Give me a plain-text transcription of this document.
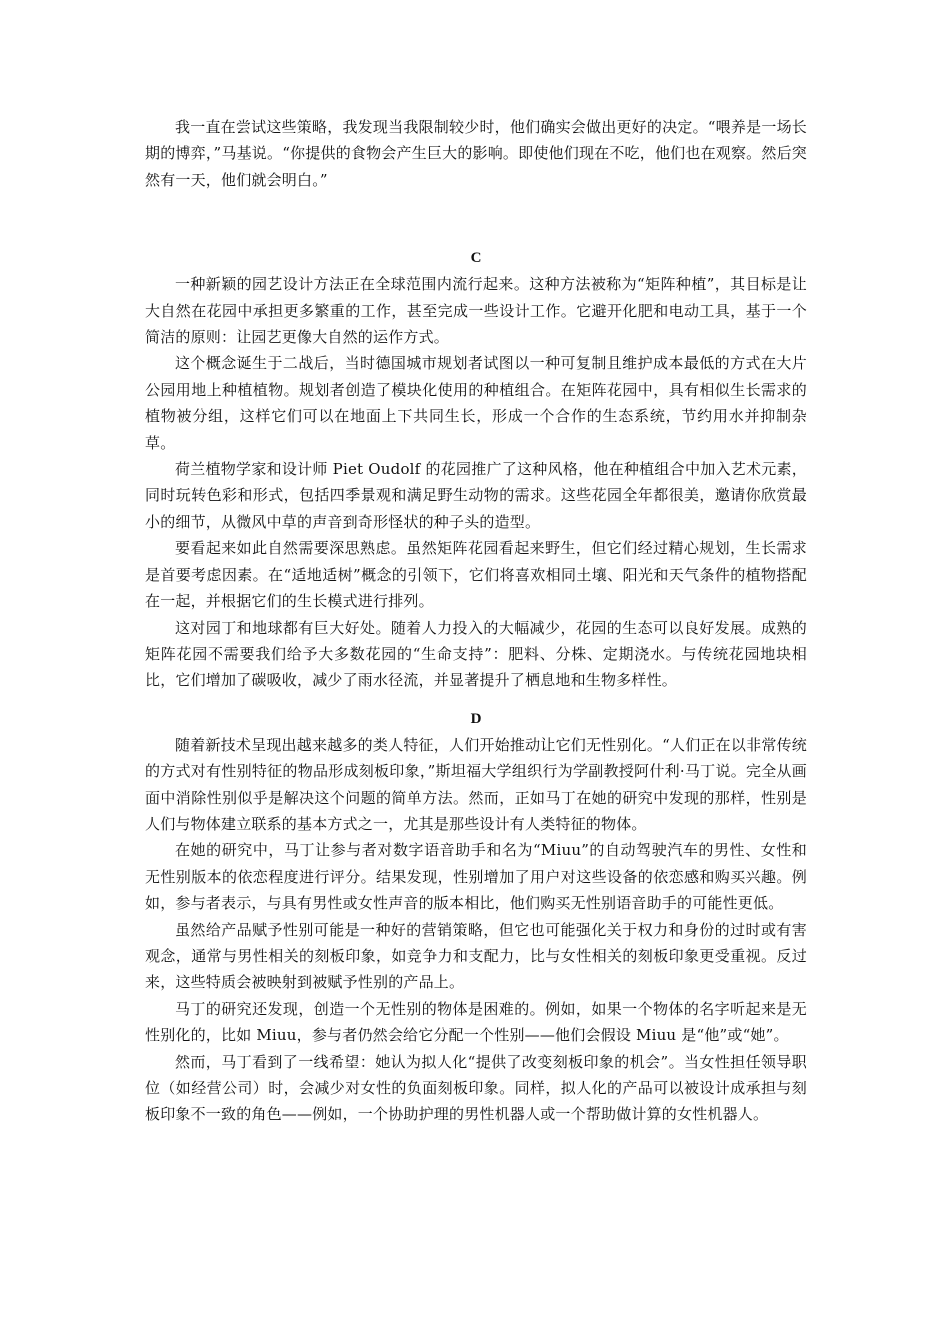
我一直在尝试这些策略，我发现当我限制较少时，他们确实会做出更好的决定。“喂养是一场长期的博弈，”马基说。“你提供的食物会产生巨大的影响。即使他们现在不吃，他们也在观察。然后突然有一天，他们就会明白。”

C

一种新颖的园艺设计方法正在全球范围内流行起来。这种方法被称为“矩阵种植”，其目标是让大自然在花园中承担更多繁重的工作，甚至完成一些设计工作。它避开化肥和电动工具，基于一个简洁的原则：让园艺更像大自然的运作方式。

这个概念诞生于二战后，当时德国城市规划者试图以一种可复制且维护成本最低的方式在大片公园用地上种植植物。规划者创造了模块化使用的种植组合。在矩阵花园中，具有相似生长需求的植物被分组，这样它们可以在地面上下共同生长，形成一个合作的生态系统，节约用水并抑制杂草。

荷兰植物学家和设计师 Piet Oudolf 的花园推广了这种风格，他在种植组合中加入艺术元素，同时玩转色彩和形式，包括四季景观和满足野生动物的需求。这些花园全年都很美，邀请你欣赏最小的细节，从微风中草的声音到奇形怪状的种子头的造型。

要看起来如此自然需要深思熟虑。虽然矩阵花园看起来野生，但它们经过精心规划，生长需求是首要考虑因素。在“适地适树”概念的引领下，它们将喜欢相同土壤、阳光和天气条件的植物搭配在一起，并根据它们的生长模式进行排列。

这对园丁和地球都有巨大好处。随着人力投入的大幅减少，花园的生态可以良好发展。成熟的矩阵花园不需要我们给予大多数花园的“生命支持”：肥料、分株、定期浇水。与传统花园地块相比，它们增加了碳吸收，减少了雨水径流，并显著提升了栖息地和生物多样性。

D

随着新技术呈现出越来越多的类人特征，人们开始推动让它们无性别化。“人们正在以非常传统的方式对有性别特征的物品形成刻板印象，”斯坦福大学组织行为学副教授阿什利·马丁说。完全从画面中消除性别似乎是解决这个问题的简单方法。然而，正如马丁在她的研究中发现的那样，性别是人们与物体建立联系的基本方式之一，尤其是那些设计有人类特征的物体。

在她的研究中，马丁让参与者对数字语音助手和名为“Miuu”的自动驾驶汽车的男性、女性和无性别版本的依恋程度进行评分。结果发现，性别增加了用户对这些设备的依恋感和购买兴趣。例如，参与者表示，与具有男性或女性声音的版本相比，他们购买无性别语音助手的可能性更低。

虽然给产品赋予性别可能是一种好的营销策略，但它也可能强化关于权力和身份的过时或有害观念，通常与男性相关的刻板印象，如竞争力和支配力，比与女性相关的刻板印象更受重视。反过来，这些特质会被映射到被赋予性别的产品上。

马丁的研究还发现，创造一个无性别的物体是困难的。例如，如果一个物体的名字听起来是无性别化的，比如 Miuu，参与者仍然会给它分配一个性别——他们会假设 Miuu 是“他”或“她”。

然而，马丁看到了一线希望：她认为拟人化“提供了改变刻板印象的机会”。当女性担任领导职位（如经营公司）时，会减少对女性的负面刻板印象。同样，拟人化的产品可以被设计成承担与刻板印象不一致的角色——例如，一个协助护理的男性机器人或一个帮助做计算的女性机器人。
